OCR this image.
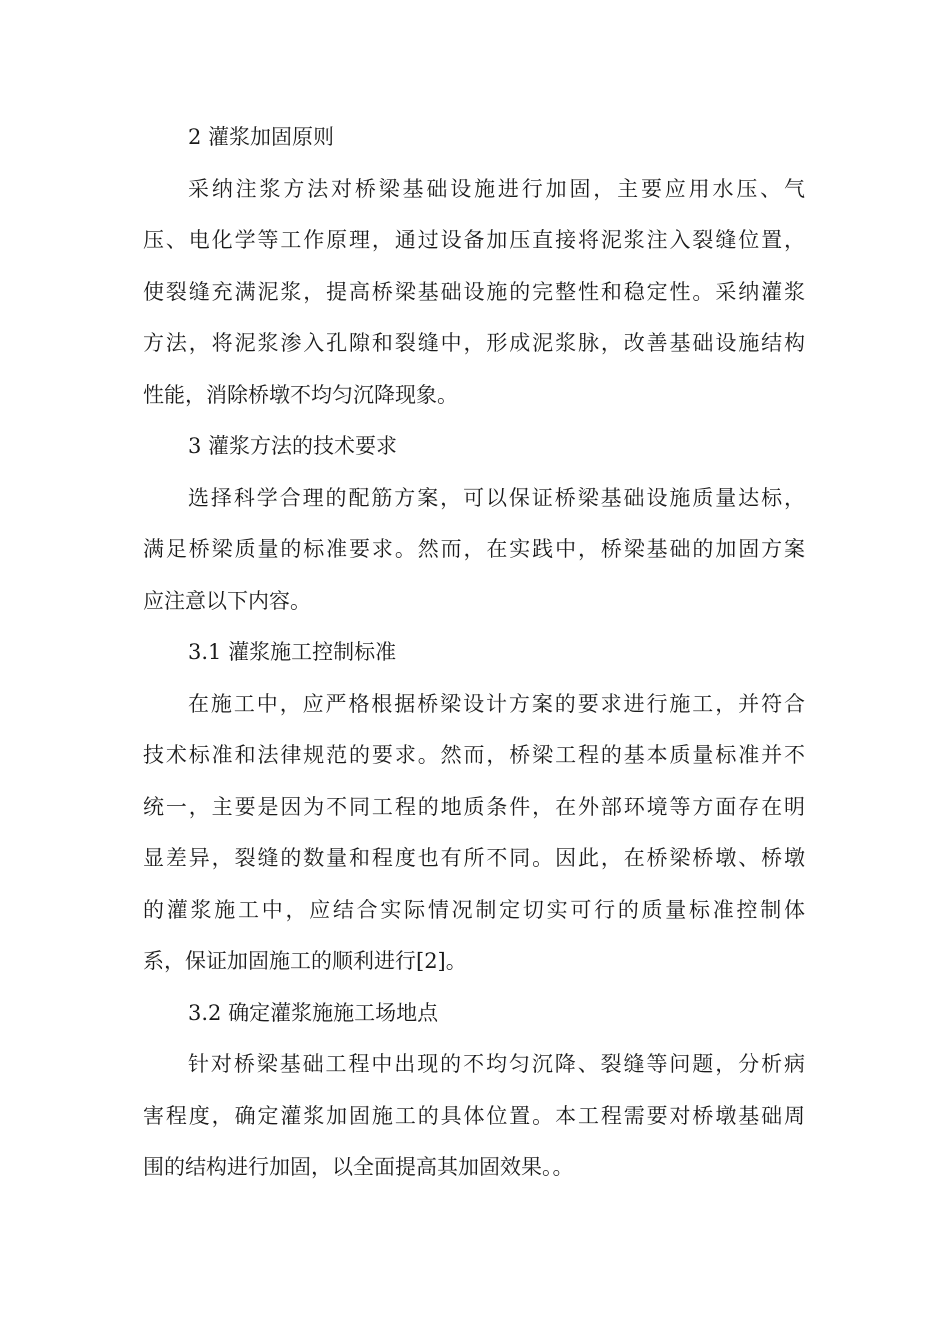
2 灌浆加固原则
采纳注浆方法对桥梁基础设施进行加固，主要应用水压、气
压、电化学等工作原理，通过设备加压直接将泥浆注入裂缝位置，
使裂缝充满泥浆，提高桥梁基础设施的完整性和稳定性。采纳灌浆
方法，将泥浆渗入孔隙和裂缝中，形成泥浆脉，改善基础设施结构
性能，消除桥墩不均匀沉降现象。
3 灌浆方法的技术要求
选择科学合理的配筋方案，可以保证桥梁基础设施质量达标，
满足桥梁质量的标准要求。然而，在实践中，桥梁基础的加固方案
应注意以下内容。
3.1 灌浆施工控制标准
在施工中，应严格根据桥梁设计方案的要求进行施工，并符合
技术标准和法律规范的要求。然而，桥梁工程的基本质量标准并不
统一，主要是因为不同工程的地质条件，在外部环境等方面存在明
显差异，裂缝的数量和程度也有所不同。因此，在桥梁桥墩、桥墩
的灌浆施工中，应结合实际情况制定切实可行的质量标准控制体
系，保证加固施工的顺利进行[2]。
3.2 确定灌浆施施工场地点
针对桥梁基础工程中出现的不均匀沉降、裂缝等问题，分析病
害程度，确定灌浆加固施工的具体位置。本工程需要对桥墩基础周
围的结构进行加固，以全面提高其加固效果。。
